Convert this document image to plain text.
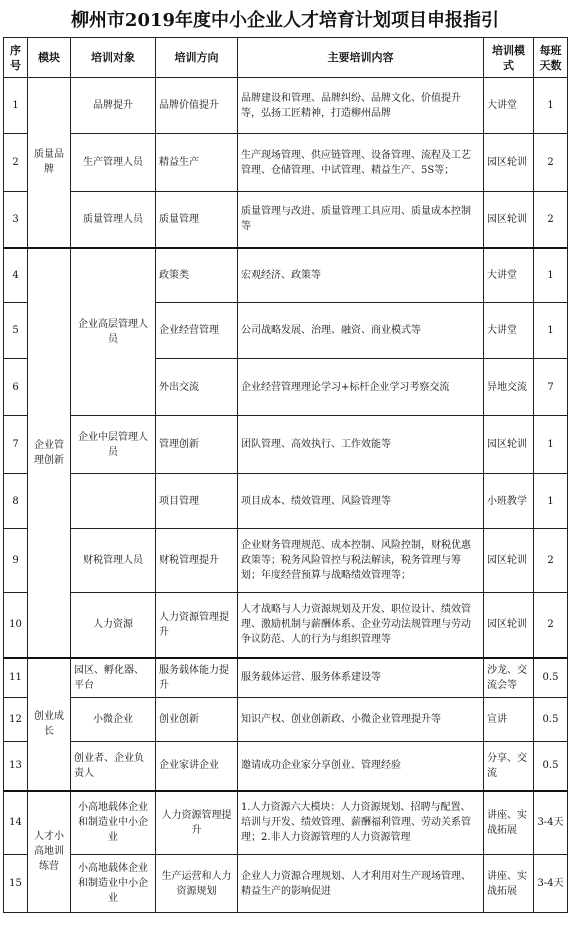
柳州市2019年度中小企业人才培育计划项目申报指引
序号	模块	培训对象	培训方向	主要培训内容	培训模式	每班天数
1	质量品牌	品牌提升	品牌价值提升	品牌建设和管理、品牌纠纷、品牌文化、价值提升等，弘扬工匠精神，打造柳州品牌	大讲堂	1
2		生产管理人员	精益生产	生产现场管理、供应链管理、设备管理、流程及工艺管理、仓储管理、中试管理、精益生产、5S等；	园区轮训	2
3		质量管理人员	质量管理	质量管理与改进、质量管理工具应用、质量成本控制等	园区轮训	2
4	企业管理创新	企业高层管理人员	政策类	宏观经济、政策等	大讲堂	1
5			企业经营管理	公司战略发展、治理、融资、商业模式等	大讲堂	1
6			外出交流	企业经营管理理论学习+标杆企业学习考察交流	异地交流	7
7		企业中层管理人员	管理创新	团队管理、高效执行、工作效能等	园区轮训	1
8			项目管理	项目成本、绩效管理、风险管理等	小班教学	1
9		财税管理人员	财税管理提升	企业财务管理规范、成本控制、风险控制，财税优惠政策等；税务风险管控与税法解读，税务管理与筹划；年度经营预算与战略绩效管理等；	园区轮训	2
10		人力资源	人力资源管理提升	人才战略与人力资源规划及开发、职位设计、绩效管理、激励机制与薪酬体系、企业劳动法规管理与劳动争议防范、人的行为与组织管理等	园区轮训	2
11	创业成长	园区、孵化器、平台	服务载体能力提升	服务载体运营、服务体系建设等	沙龙、交流会等	0.5
12		小微企业	创业创新	知识产权、创业创新政、小微企业管理提升等	宣讲	0.5
13		创业者、企业负责人	企业家讲企业	邀请成功企业家分享创业、管理经验	分享、交流	0.5
14	人才小高地训练营	小高地载体企业和制造业中小企业	人力资源管理提升	1.人力资源六大模块：人力资源规划、招聘与配置、培训与开发、绩效管理、薪酬福利管理、劳动关系管理；2.非人力资源管理的人力资源管理	讲座、实战拓展	3-4天
15		小高地载体企业和制造业中小企业	生产运营和人力资源规划	企业人力资源合理规划、人才利用对生产现场管理、精益生产的影响促进	讲座、实战拓展	3-4天
